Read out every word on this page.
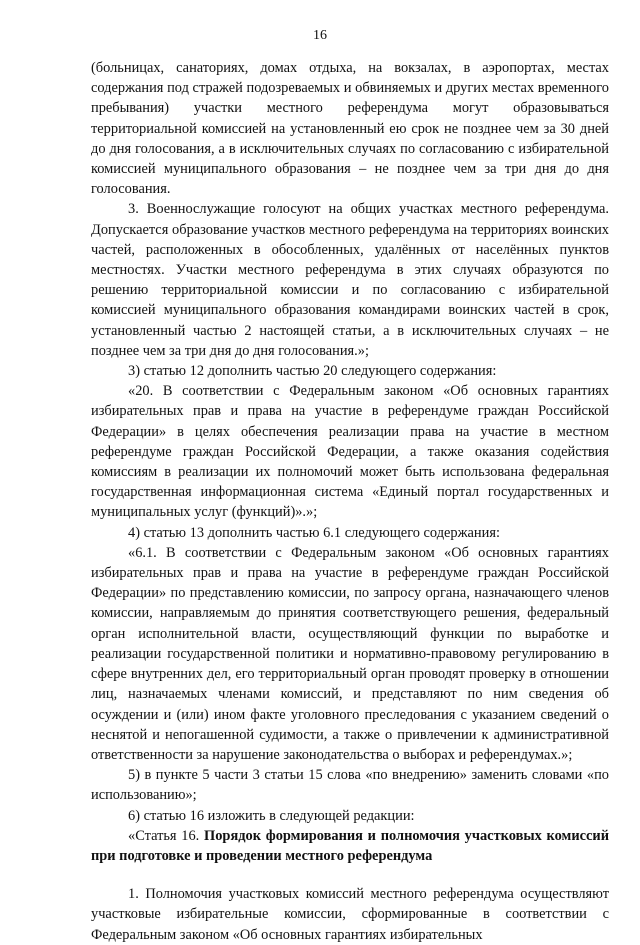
16

(больницах, санаториях, домах отдыха, на вокзалах, в аэропортах, местах содержания под стражей подозреваемых и обвиняемых и других местах временного пребывания) участки местного референдума могут образовываться территориальной комиссией на установленный ею срок не позднее чем за 30 дней до дня голосования, а в исключительных случаях по согласованию с избирательной комиссией муниципального образования – не позднее чем за три дня до дня голосования.

3. Военнослужащие голосуют на общих участках местного референдума. Допускается образование участков местного референдума на территориях воинских частей, расположенных в обособленных, удалённых от населённых пунктов местностях. Участки местного референдума в этих случаях образуются по решению территориальной комиссии и по согласованию с избирательной комиссией муниципального образования командирами воинских частей в срок, установленный частью 2 настоящей статьи, а в исключительных случаях – не позднее чем за три дня до дня голосования.»;

3) статью 12 дополнить частью 20 следующего содержания:

«20. В соответствии с Федеральным законом «Об основных гарантиях избирательных прав и права на участие в референдуме граждан Российской Федерации» в целях обеспечения реализации права на участие в местном референдуме граждан Российской Федерации, а также оказания содействия комиссиям в реализации их полномочий может быть использована федеральная государственная информационная система «Единый портал государственных и муниципальных услуг (функций)».»;

4) статью 13 дополнить частью 6.1 следующего содержания:

«6.1. В соответствии с Федеральным законом «Об основных гарантиях избирательных прав и права на участие в референдуме граждан Российской Федерации» по представлению комиссии, по запросу органа, назначающего членов комиссии, направляемым до принятия соответствующего решения, федеральный орган исполнительной власти, осуществляющий функции по выработке и реализации государственной политики и нормативно-правовому регулированию в сфере внутренних дел, его территориальный орган проводят проверку в отношении лиц, назначаемых членами комиссий, и представляют по ним сведения об осуждении и (или) ином факте уголовного преследования с указанием сведений о неснятой и непогашенной судимости, а также о привлечении к административной ответственности за нарушение законодательства о выборах и референдумах.»;

5) в пункте 5 части 3 статьи 15 слова «по внедрению» заменить словами «по использованию»;

6) статью 16 изложить в следующей редакции:

«Статья 16. Порядок формирования и полномочия участковых комиссий при подготовке и проведении местного референдума

1. Полномочия участковых комиссий местного референдума осуществляют участковые избирательные комиссии, сформированные в соответствии с Федеральным законом «Об основных гарантиях избирательных
